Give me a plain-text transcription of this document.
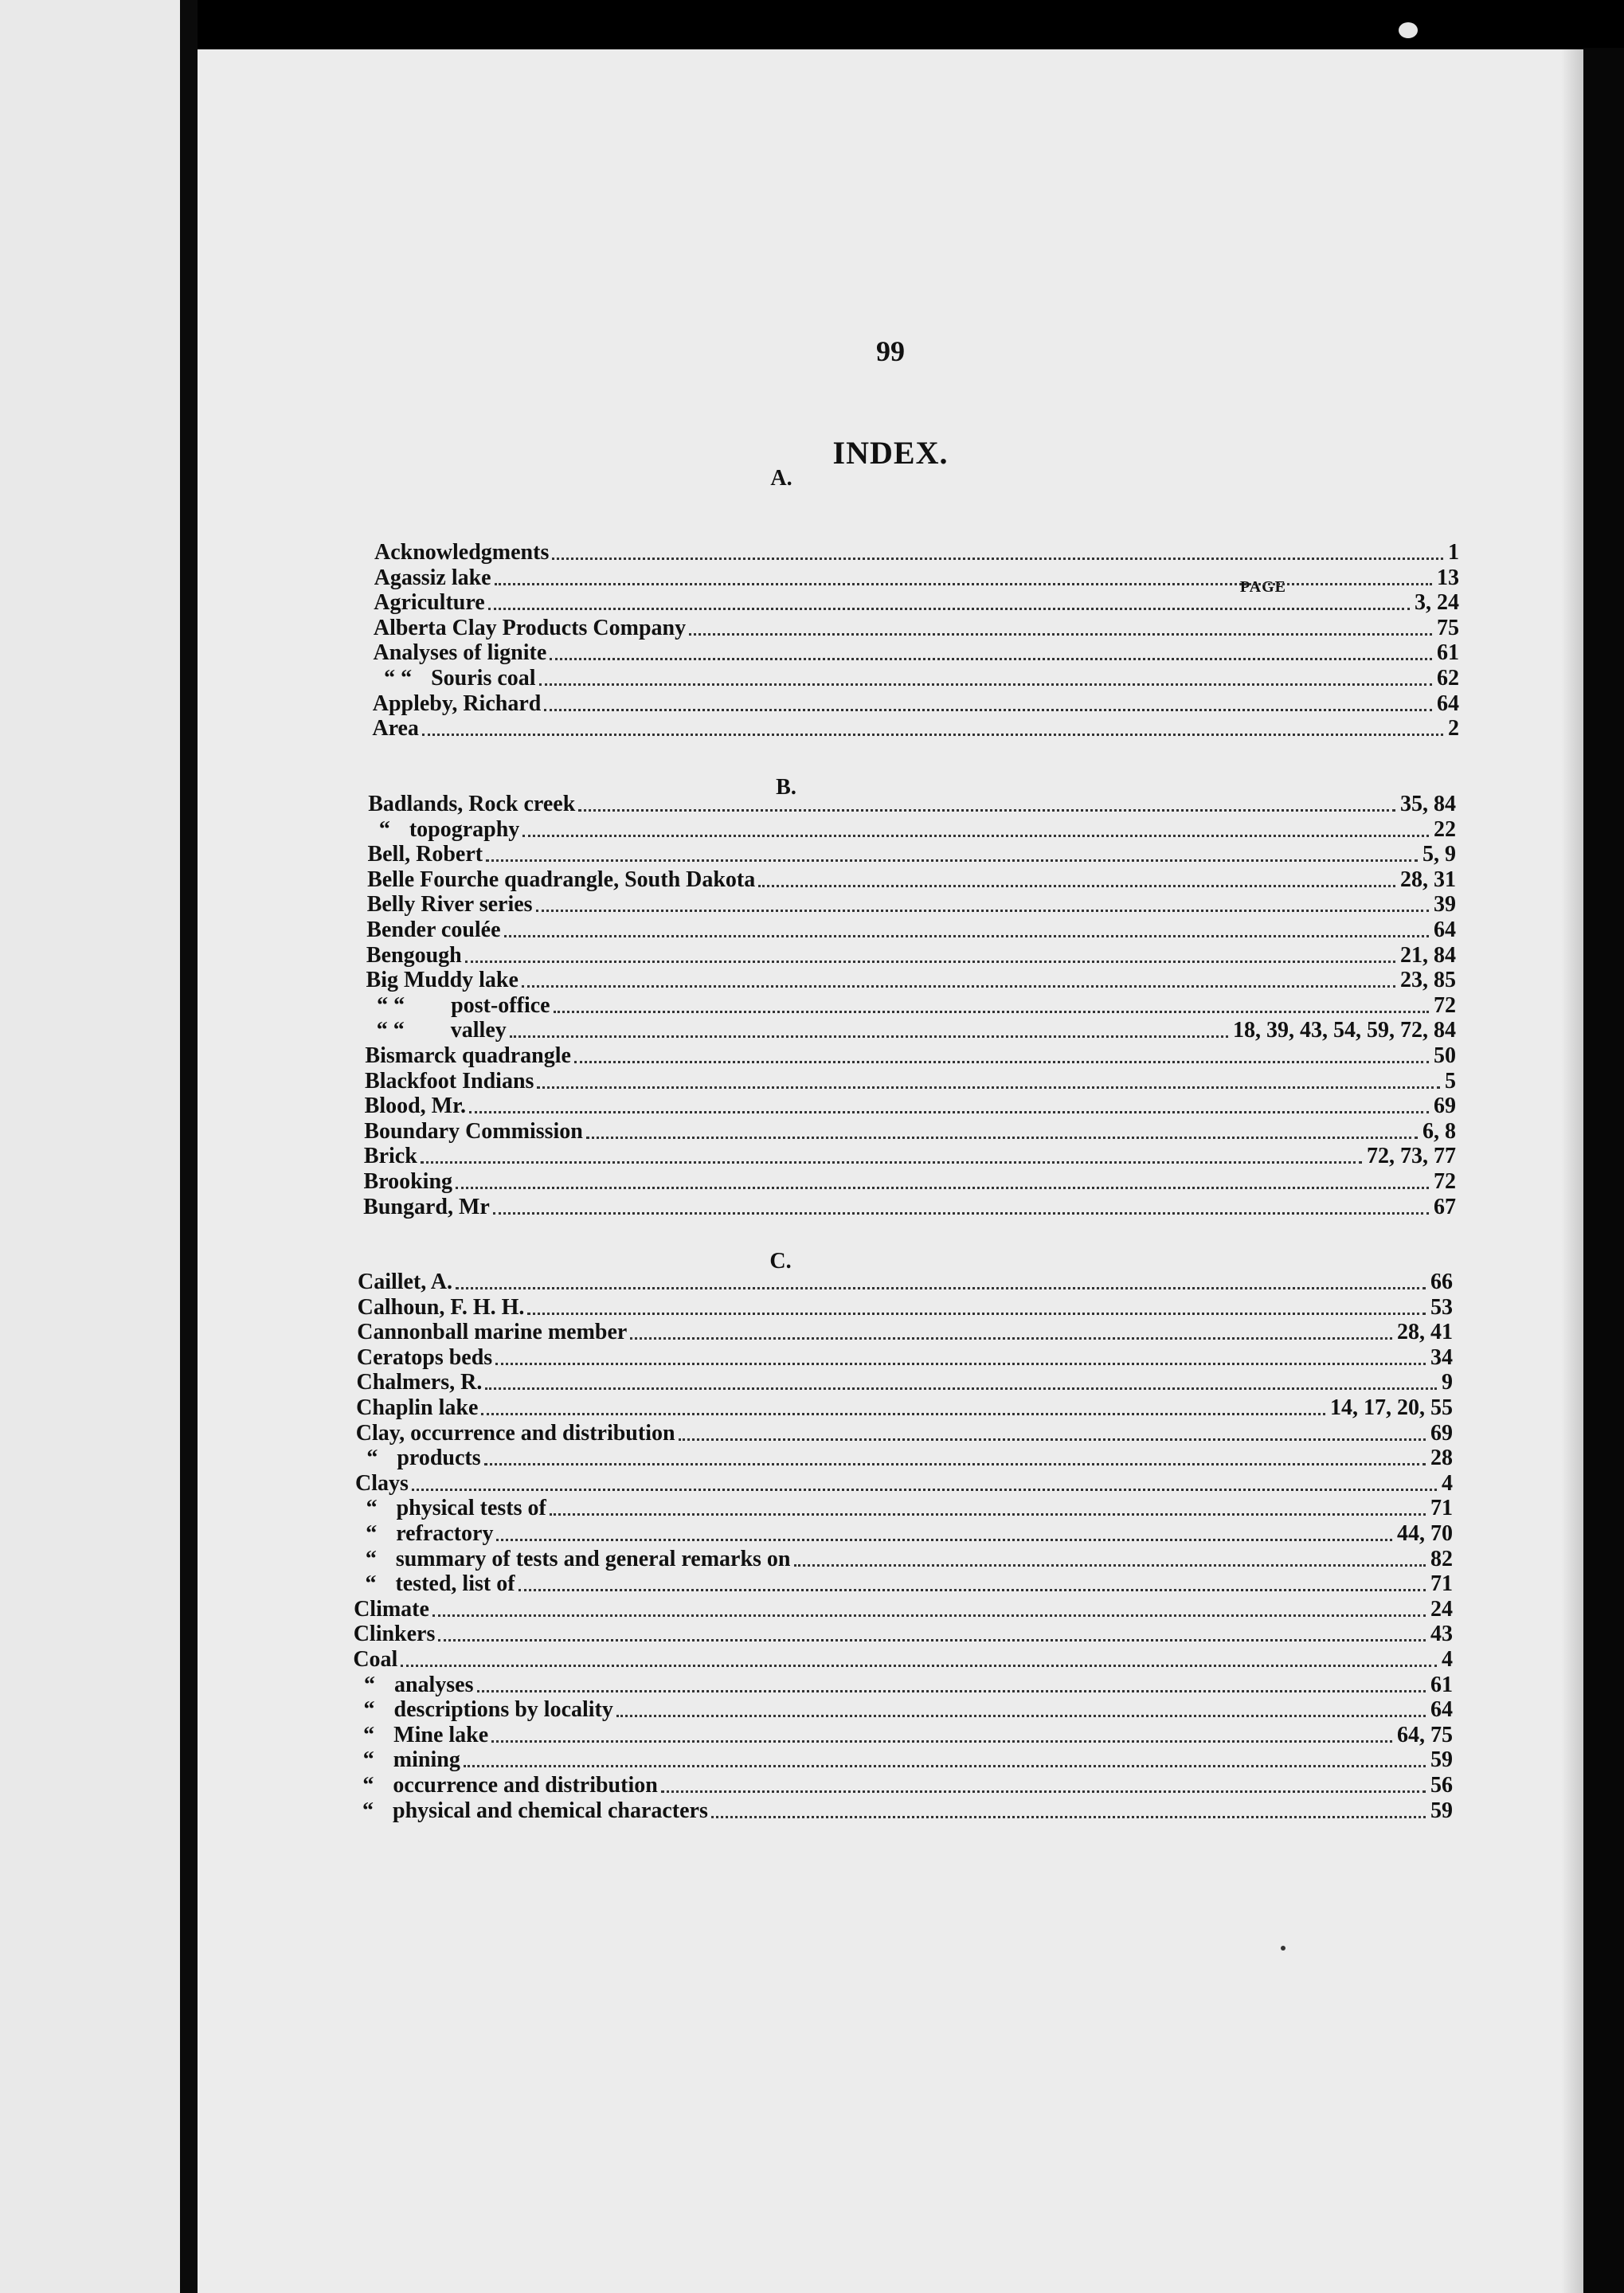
99
INDEX.
PAGE
A.
Acknowledgments	1
Agassiz lake	13
Agriculture	3, 24
Alberta Clay Products Company	75
Analyses of lignite	61
“ “ Souris coal	62
Appleby, Richard	64
Area	2
B.
Badlands, Rock creek	35, 84
“ topography	22
Bell, Robert	5, 9
Belle Fourche quadrangle, South Dakota	28, 31
Belly River series	39
Bender coulée	64
Bengough	21, 84
Big Muddy lake	23, 85
“ “ post-office	72
“ “ valley	18, 39, 43, 54, 59, 72, 84
Bismarck quadrangle	50
Blackfoot Indians	5
Blood, Mr.	69
Boundary Commission	6, 8
Brick	72, 73, 77
Brooking	72
Bungard, Mr	67
C.
Caillet, A.	66
Calhoun, F. H. H.	53
Cannonball marine member	28, 41
Ceratops beds	34
Chalmers, R.	9
Chaplin lake	14, 17, 20, 55
Clay, occurrence and distribution	69
“ products	28
Clays	4
“ physical tests of	71
“ refractory	44, 70
“ summary of tests and general remarks on	82
“ tested, list of	71
Climate	24
Clinkers	43
Coal	4
“ analyses	61
“ descriptions by locality	64
“ Mine lake	64, 75
“ mining	59
“ occurrence and distribution	56
“ physical and chemical characters	59
